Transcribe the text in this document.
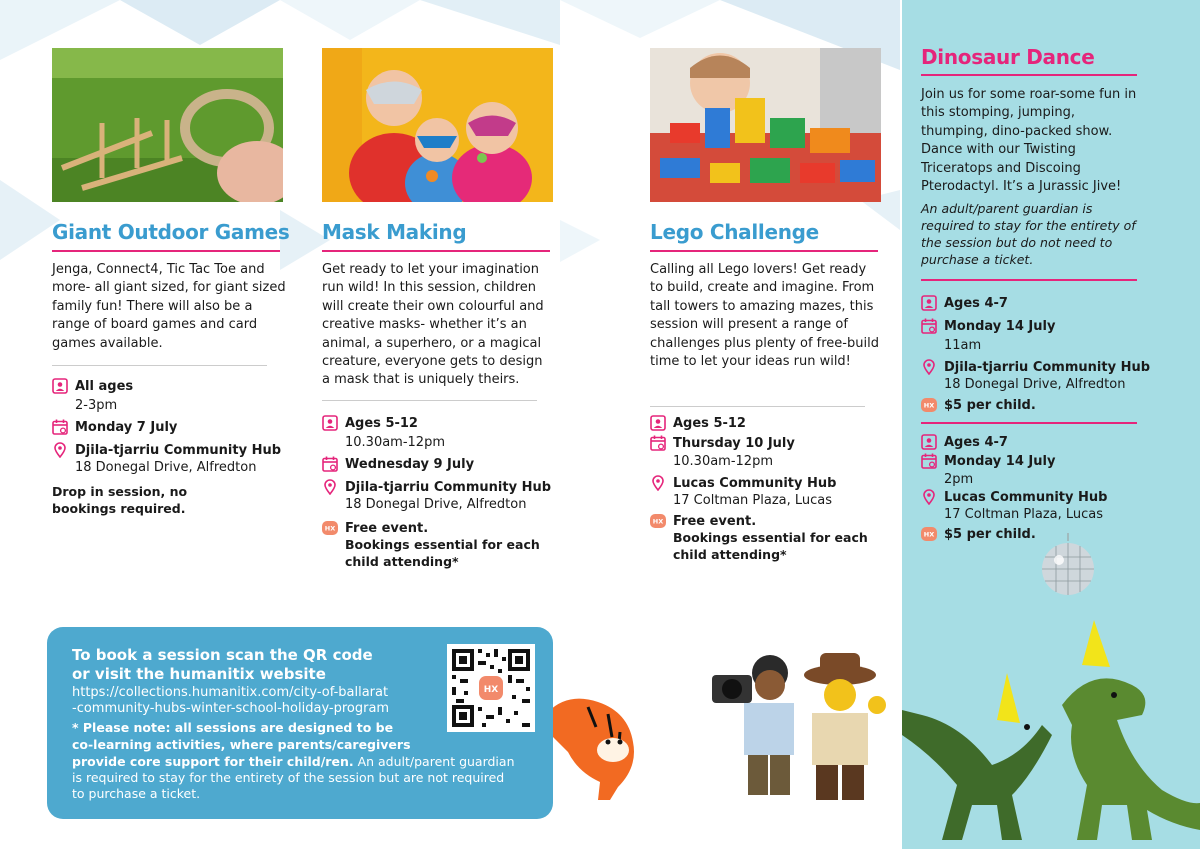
Giant Outdoor Games
Jenga, Connect4, Tic Tac Toe and more- all giant sized, for giant sized family fun! There will also be a range of board games and card games available.
All ages
2-3pm
Monday 7 July
Djila-tjarriu Community Hub
18 Donegal Drive, Alfredton
Drop in session, no bookings required.
Mask Making
Get ready to let your imagination run wild! In this session, children will create their own colourful and creative masks- whether it’s an animal, a superhero, or a magical creature, everyone gets to design a mask that is uniquely theirs.
Ages 5-12
10.30am-12pm
Wednesday 9 July
Djila-tjarriu Community Hub
18 Donegal Drive, Alfredton
HX Free event.
Bookings essential for each child attending*
Lego Challenge
Calling all Lego lovers! Get ready to build, create and imagine. From tall towers to amazing mazes, this session will present a range of challenges plus plenty of free-build time to let your ideas run wild!
Ages 5-12
Thursday 10 July
10.30am-12pm
Lucas Community Hub
17 Coltman Plaza, Lucas
HX Free event.
Bookings essential for each child attending*
Dinosaur Dance
Join us for some roar-some fun in this stomping, jumping, thumping, dino-packed show. Dance with our Twisting Triceratops and Discoing Pterodactyl. It’s a Jurassic Jive!
An adult/parent guardian is required to stay for the entirety of the session but do not need to purchase a ticket.
Ages 4-7
Monday 14 July
11am
Djila-tjarriu Community Hub
18 Donegal Drive, Alfredton
HX $5 per child.
Ages 4-7
Monday 14 July
2pm
Lucas Community Hub
17 Coltman Plaza, Lucas
HX $5 per child.
To book a session scan the QR code
or visit the humanitix website
https://collections.humanitix.com/city-of-ballarat
-community-hubs-winter-school-holiday-program
* Please note: all sessions are designed to be
co-learning activities, where parents/caregivers
provide core support for their child/ren. An adult/parent guardian
is required to stay for the entirety of the session but are not required
to purchase a ticket.
HX
